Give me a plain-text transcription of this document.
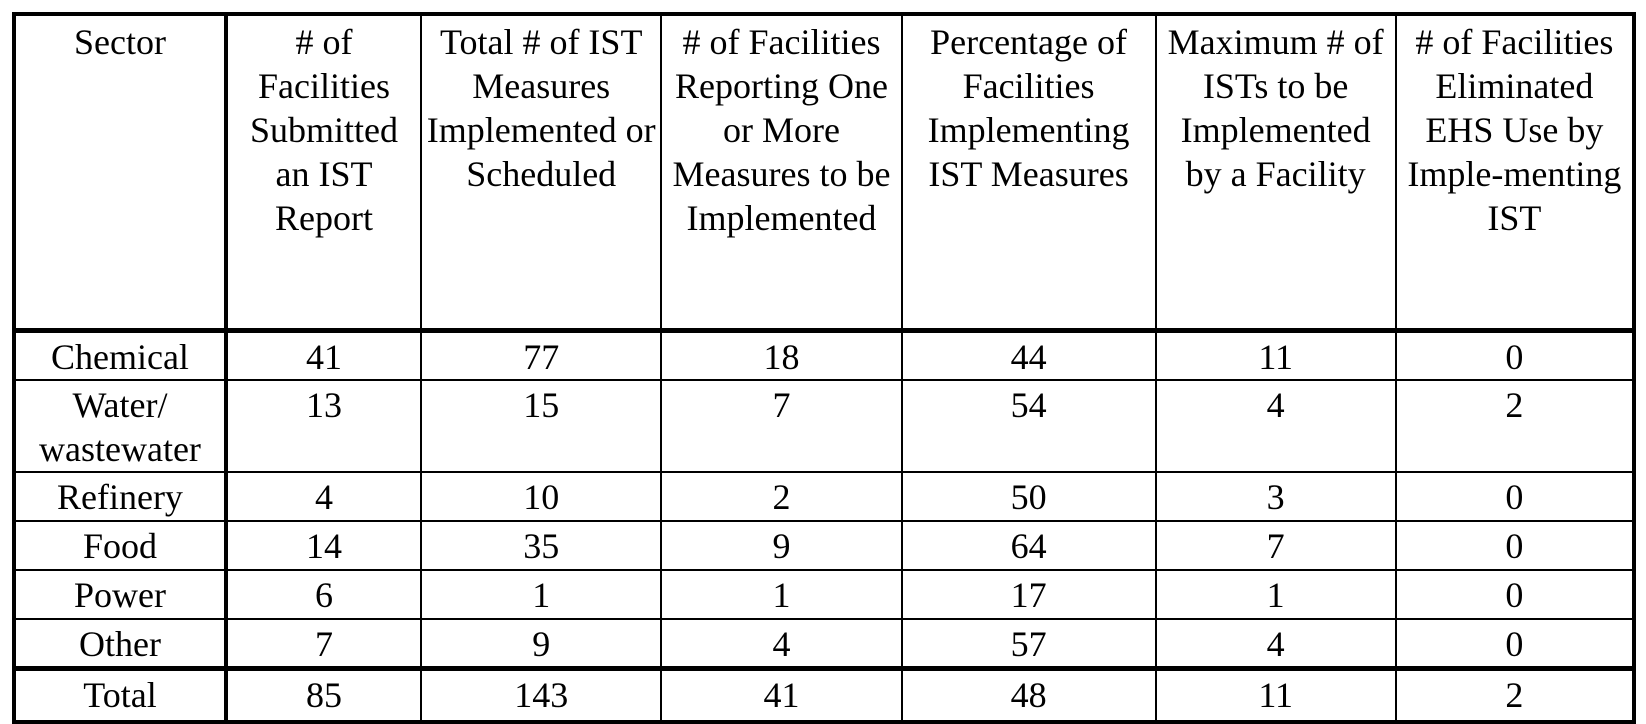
Sector	# of Facilities Submitted an IST Report	Total # of IST Measures Implemented or Scheduled	# of Facilities Reporting One or More Measures to be Implemented	Percentage of Facilities Implementing IST Measures	Maximum # of ISTs to be Implemented by a Facility	# of Facilities Eliminated EHS Use by Imple-menting IST
Chemical	41	77	18	44	11	0
Water/ wastewater	13	15	7	54	4	2
Refinery	4	10	2	50	3	0
Food	14	35	9	64	7	0
Power	6	1	1	17	1	0
Other	7	9	4	57	4	0
Total	85	143	41	48	11	2
